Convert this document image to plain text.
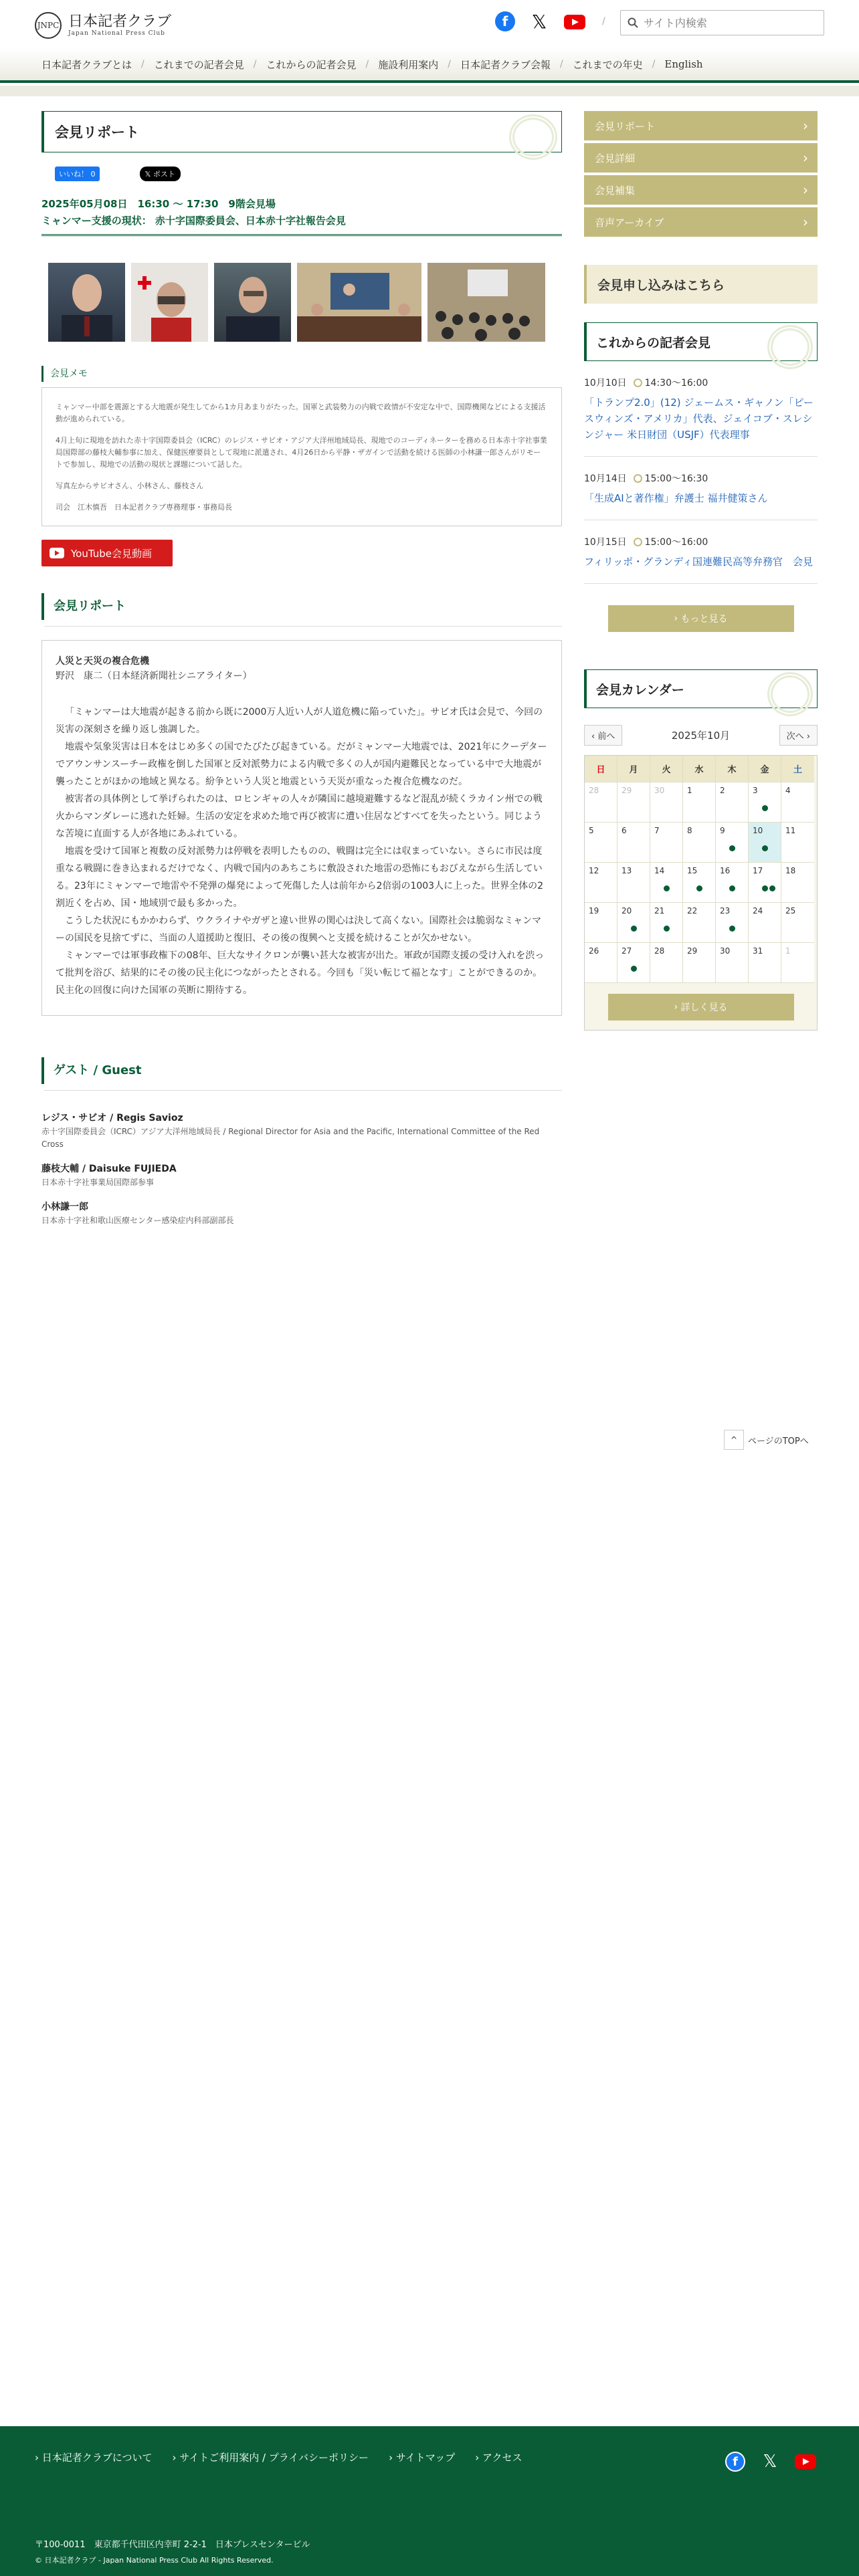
JNPC 日本記者クラブ
Japan National Press Club
f	𝕏	/
サイト内検索
日本記者クラブとは / これまでの記者会見 / これからの記者会見 / 施設利用案内 / 日本記者クラブ会報 / これまでの年史 / English
会見リポート
いいね！ 0	𝕏 ポスト
2025年05月08日　16:30 〜 17:30　9階会見場
ミャンマー支援の現状： 赤十字国際委員会、日本赤十字社報告会見
会見メモ

ミャンマー中部を震源とする大地震が発生してから1カ月あまりがたった。国軍と武装勢力の内戦で政情が不安定な中で、国際機関などによる支援活動が進められている。

4月上旬に現地を訪れた赤十字国際委員会（ICRC）のレジス・サビオ・アジア大洋州地域局長、現地でのコーディネーターを務める日本赤十字社事業局国際部の藤枝大輔参事に加え、保健医療要員として現地に派遣され、4月26日から平静・ザガインで活動を続ける医師の小林謙一郎さんがリモートで参加し、現地での活動の現状と課題について話した。

写真左からサビオさん、小林さん、藤枝さん

司会　江木慎吾　日本記者クラブ専務理事・事務局長

YouTube会見動画
会見リポート
人災と天災の複合危機
野沢　康二（日本経済新聞社シニアライター）

「ミャンマーは大地震が起きる前から既に2000万人近い人が人道危機に陥っていた」。サビオ氏は会見で、今回の災害の深刻さを繰り返し強調した。

地震や気象災害は日本をはじめ多くの国でたびたび起きている。だがミャンマー大地震では、2021年にクーデターでアウンサンスーチー政権を倒した国軍と反対派勢力による内戦で多くの人が国内避難民となっている中で大地震が襲ったことがほかの地域と異なる。紛争という人災と地震という天災が重なった複合危機なのだ。

被害者の具体例として挙げられたのは、ロヒンギャの人々が隣国に越境避難するなど混乱が続くラカイン州での戦火からマンダレーに逃れた妊婦。生活の安定を求めた地で再び被害に遭い住居などすべてを失ったという。同じような苦境に直面する人が各地にあふれている。

地震を受けて国軍と複数の反対派勢力は停戦を表明したものの、戦闘は完全には収まっていない。さらに市民は度重なる戦闘に巻き込まれるだけでなく、内戦で国内のあちこちに敷設された地雷の恐怖にもおびえながら生活している。23年にミャンマーで地雷や不発弾の爆発によって死傷した人は前年から2倍弱の1003人に上った。世界全体の2割近くを占め、国・地域別で最も多かった。

こうした状況にもかかわらず、ウクライナやガザと違い世界の関心は決して高くない。国際社会は脆弱なミャンマーの国民を見捨てずに、当面の人道援助と復旧、その後の復興へと支援を続けることが欠かせない。

ミャンマーでは軍事政権下の08年、巨大なサイクロンが襲い甚大な被害が出た。軍政が国際支援の受け入れを渋って批判を浴び、結果的にその後の民主化につながったとされる。今回も「災い転じて福となす」ことができるのか。民主化の回復に向けた国軍の英断に期待する。

ゲスト / Guest
レジス・サビオ / Regis Savioz
赤十字国際委員会（ICRC）アジア大洋州地域局長 / Regional Director for Asia and the Pacific, International Committee of the Red Cross
藤枝大輔 / Daisuke FUJIEDA
日本赤十字社事業局国際部参事
小林謙一郎
日本赤十字社和歌山医療センター感染症内科部副部長
^	ページのTOPへ
会見リポート ›
会見詳細 ›
会見補集 ›
音声アーカイブ ›
会見申し込みはこちら
これからの記者会見
10月10日 14:30〜16:00
「トランプ2.0」(12) ジェームス・ギャノン「ピースウィンズ・アメリカ」代表、ジェイコブ・スレシンジャー 米日財団（USJF）代表理事
10月14日 15:00〜16:30
「生成AIと著作権」弁護士 福井健策さん
10月15日 15:00〜16:00
フィリッポ・グランディ国連難民高等弁務官　会見
› もっと見る
会見カレンダー
‹ 前へ	2025年10月	次へ ›
日	月	火	水	木	金	土
28	29	30	1	2	3	4
5	6	7	8	9	10	11
12	13	14	15	16	17	18
19	20	21	22	23	24	25
26	27	28	29	30	31	1
› 詳しく見る
› 日本記者クラブについて	› サイトご利用案内 / プライバシーポリシー	› サイトマップ	› アクセス	f	𝕏
〒100-0011　東京都千代田区内幸町 2-2-1　日本プレスセンタービル
© 日本記者クラブ - Japan National Press Club All Rights Reserved.
